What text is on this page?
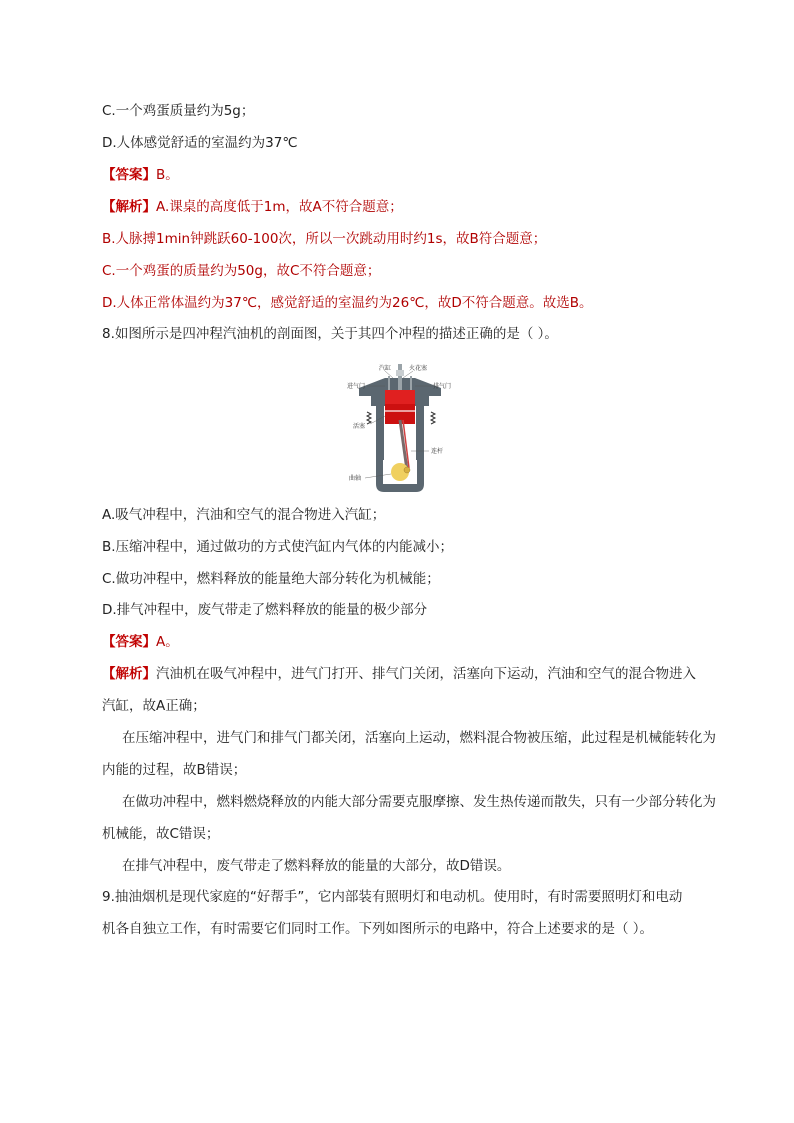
C.一个鸡蛋质量约为5g；
D.人体感觉舒适的室温约为37℃
【答案】B。
【解析】A.课桌的高度低于1m，故A不符合题意；
B.人脉搏1min钟跳跃60-100次，所以一次跳动用时约1s，故B符合题意；
C.一个鸡蛋的质量约为50g，故C不符合题意；
D.人体正常体温约为37℃，感觉舒适的室温约为26℃，故D不符合题意。故选B。
8.如图所示是四冲程汽油机的剖面图，关于其四个冲程的描述正确的是（ ）。
汽缸	火花塞
进气门	排气门
活塞
连杆
曲轴
A.吸气冲程中，汽油和空气的混合物进入汽缸；
B.压缩冲程中，通过做功的方式使汽缸内气体的内能减小；
C.做功冲程中，燃料释放的能量绝大部分转化为机械能；
D.排气冲程中，废气带走了燃料释放的能量的极少部分
【答案】A。
【解析】汽油机在吸气冲程中，进气门打开、排气门关闭，活塞向下运动，汽油和空气的混合物进入
汽缸，故A正确；
在压缩冲程中，进气门和排气门都关闭，活塞向上运动，燃料混合物被压缩，此过程是机械能转化为
内能的过程，故B错误；
在做功冲程中，燃料燃烧释放的内能大部分需要克服摩擦、发生热传递而散失，只有一少部分转化为
机械能，故C错误；
在排气冲程中，废气带走了燃料释放的能量的大部分，故D错误。
9.抽油烟机是现代家庭的“好帮手”，它内部装有照明灯和电动机。使用时，有时需要照明灯和电动
机各自独立工作，有时需要它们同时工作。下列如图所示的电路中，符合上述要求的是（ ）。
